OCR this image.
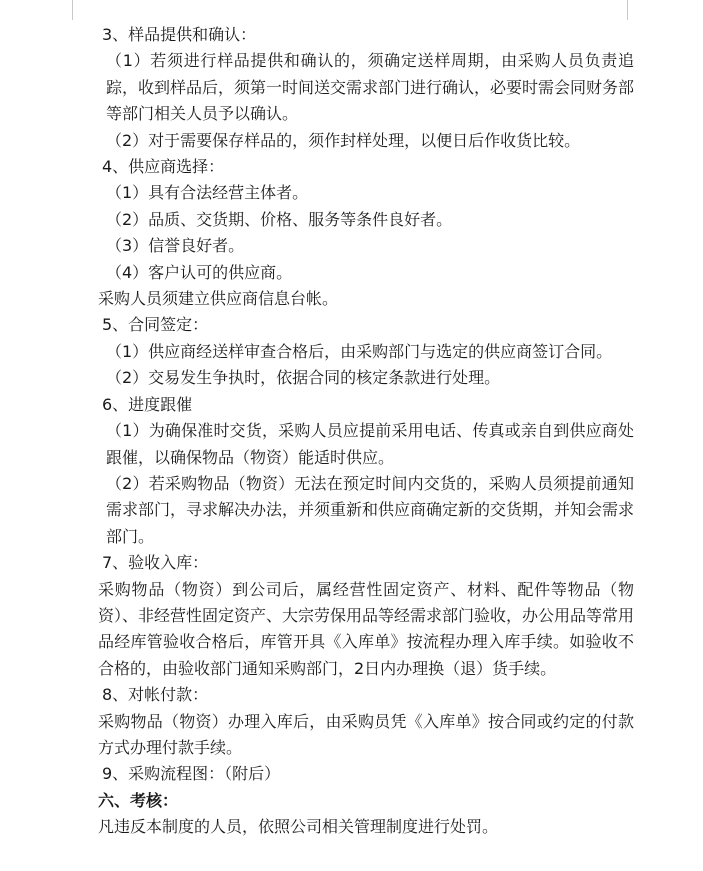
3、样品提供和确认：

（1）若须进行样品提供和确认的，须确定送样周期，由采购人员负责追踪，收到样品后，须第一时间送交需求部门进行确认，必要时需会同财务部等部门相关人员予以确认。

（2）对于需要保存样品的，须作封样处理，以便日后作收货比较。

4、供应商选择：

（1）具有合法经营主体者。

（2）品质、交货期、价格、服务等条件良好者。

（3）信誉良好者。

（4）客户认可的供应商。

采购人员须建立供应商信息台帐。

5、合同签定：

（1）供应商经送样审查合格后，由采购部门与选定的供应商签订合同。

（2）交易发生争执时，依据合同的核定条款进行处理。

6、进度跟催

（1）为确保准时交货，采购人员应提前采用电话、传真或亲自到供应商处跟催，以确保物品（物资）能适时供应。

（2）若采购物品（物资）无法在预定时间内交货的，采购人员须提前通知需求部门，寻求解决办法，并须重新和供应商确定新的交货期，并知会需求部门。

7、验收入库：

采购物品（物资）到公司后，属经营性固定资产、材料、配件等物品（物资）、非经营性固定资产、大宗劳保用品等经需求部门验收，办公用品等常用品经库管验收合格后，库管开具《入库单》按流程办理入库手续。如验收不合格的，由验收部门通知采购部门，2日内办理换（退）货手续。

8、对帐付款：

采购物品（物资）办理入库后，由采购员凭《入库单》按合同或约定的付款方式办理付款手续。

9、采购流程图：（附后）

六、考核：

凡违反本制度的人员，依照公司相关管理制度进行处罚。
